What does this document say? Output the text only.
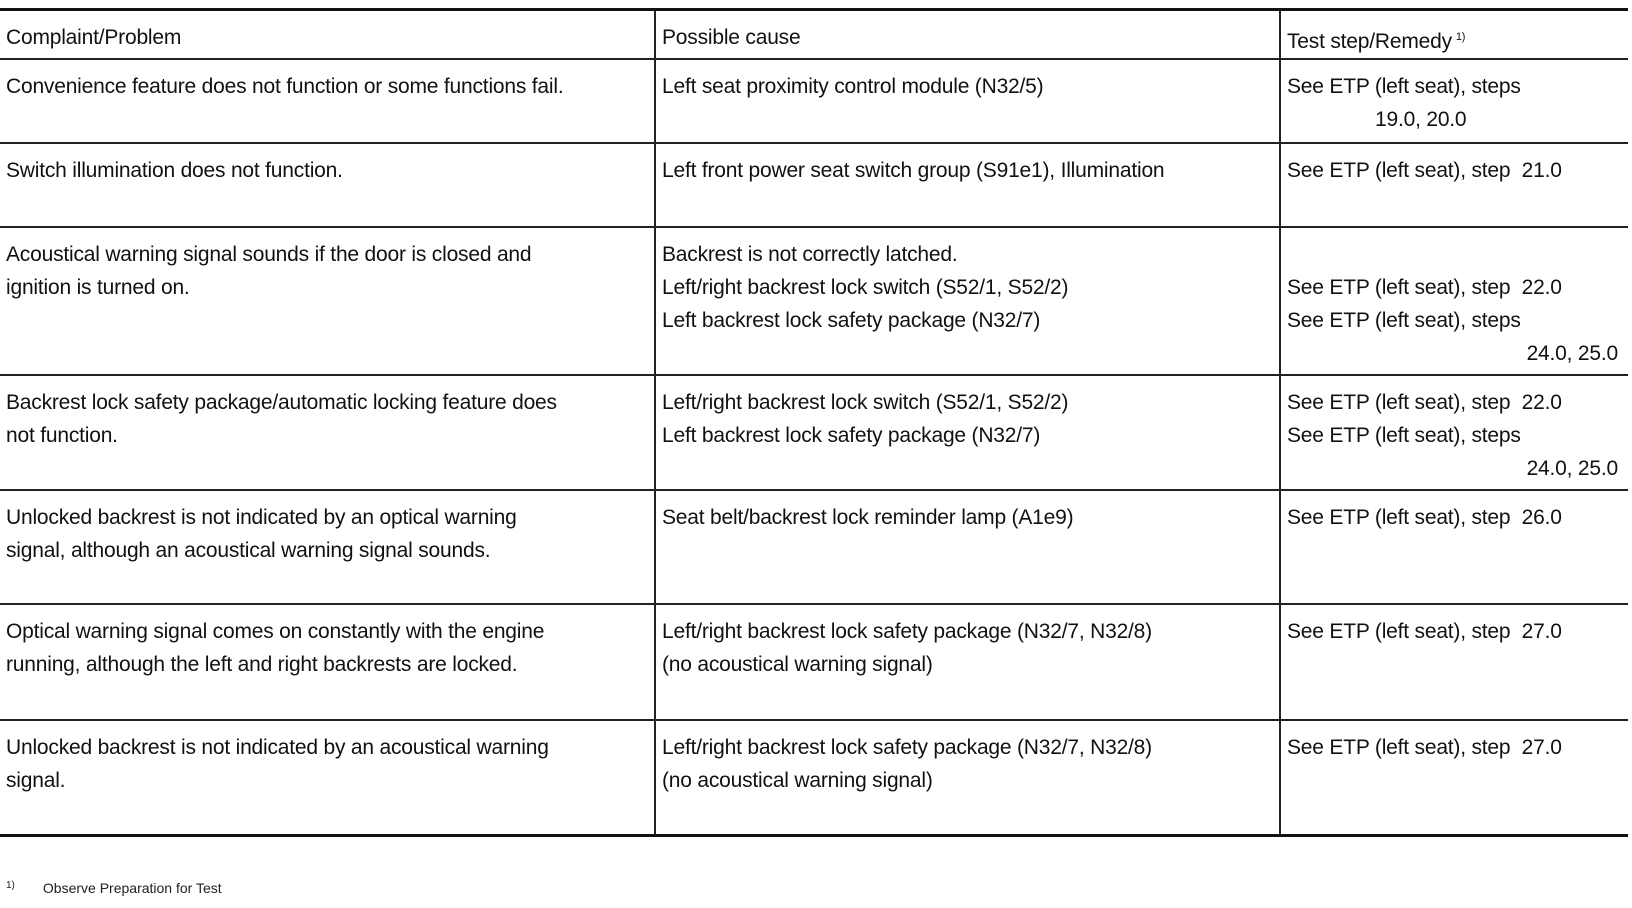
Complaint/Problem	Possible cause	Test step/Remedy $^{1)}$

Convenience feature does not function or some functions fail.	Left seat proximity control module (N32/5)	See ETP (left seat), steps
19.0, 20.0

Switch illumination does not function.	Left front power seat switch group (S91e1), Illumination	See ETP (left seat), step  21.0

Acoustical warning signal sounds if the door is closed and
ignition is turned on.	Backrest is not correctly latched.
Left/right backrest lock switch (S52/1, S52/2)
Left backrest lock safety package (N32/7)	See ETP (left seat), step  22.0
See ETP (left seat), steps
24.0, 25.0

Backrest lock safety package/automatic locking feature does
not function.	Left/right backrest lock switch (S52/1, S52/2)
Left backrest lock safety package (N32/7)	See ETP (left seat), step  22.0
See ETP (left seat), steps
24.0, 25.0

Unlocked backrest is not indicated by an optical warning
signal, although an acoustical warning signal sounds.	Seat belt/backrest lock reminder lamp (A1e9)	See ETP (left seat), step  26.0

Optical warning signal comes on constantly with the engine
running, although the left and right backrests are locked.	Left/right backrest lock safety package (N32/7, N32/8)
(no acoustical warning signal)	See ETP (left seat), step  27.0

Unlocked backrest is not indicated by an acoustical warning
signal.	Left/right backrest lock safety package (N32/7, N32/8)
(no acoustical warning signal)	See ETP (left seat), step  27.0
$^{1)}$ Observe Preparation for Test
